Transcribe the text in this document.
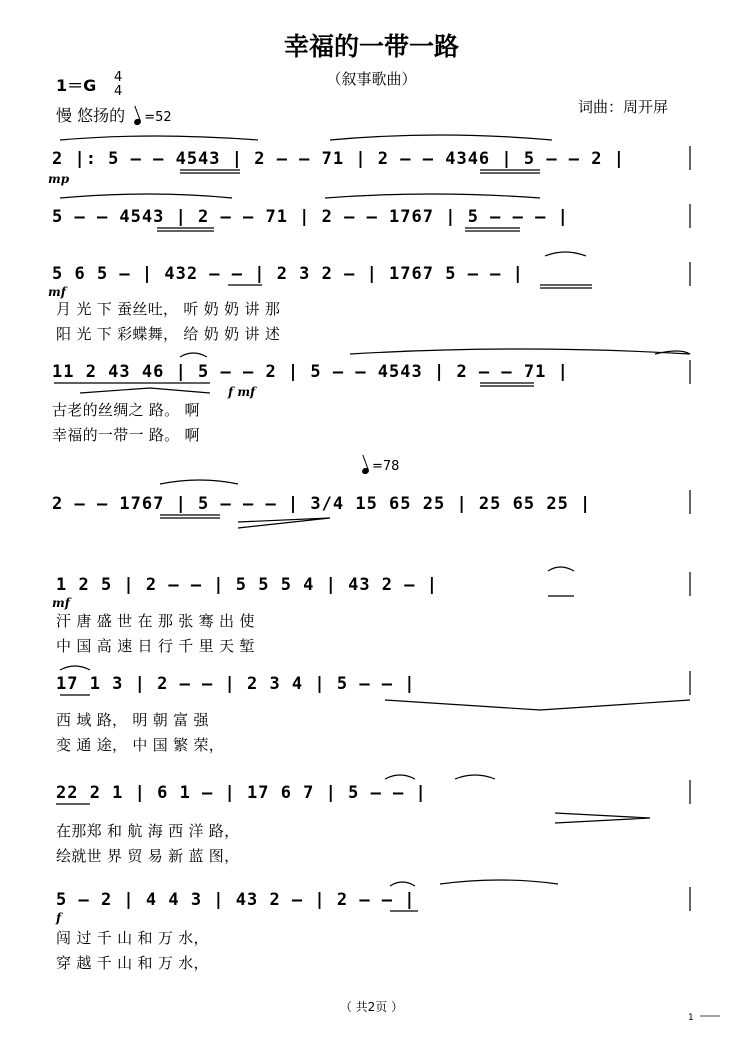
幸福的一带一路
（叙事歌曲）
1＝G 4
4
慢 悠扬的 =52
词曲：周开屏
2 |: 5 – – 4543 | 2 – – 71 | 2 – – 4346 | 5 – – 2 |
mp
5 – – 4543 | 2 – – 71 | 2 – – 1767 | 5 – – – |
5 6 5 – | 432 – – | 2 3 2 – | 1767 5 – – |
mf
月 光 下 蚕丝吐， 听 奶 奶 讲 那
阳 光 下 彩蝶舞， 给 奶 奶 讲 述
11 2 43 46 | 5 – – 2 | 5 – – 4543 | 2 – – 71 |
f mf
古老的丝绸之 路。 啊
幸福的一带一 路。 啊
=78
2 – – 1767 | 5 – – – | 3/4 15 65 25 | 25 65 25 |
1 2 5 | 2 – – | 5 5 5 4 | 43 2 – |
mf
汗 唐 盛 世 在 那 张 骞 出 使
中 国 高 速 日 行 千 里 天 堑
17 1 3 | 2 – – | 2 3 4 | 5 – – |
西 域 路， 明 朝 富 强
变 通 途， 中 国 繁 荣，
22 2 1 | 6 1 – | 17 6 7 | 5 – – |
在那郑 和 航 海 西 洋 路，
绘就世 界 贸 易 新 蓝 图，
5 – 2 | 4 4 3 | 43 2 – | 2 – – |
f
闯 过 千 山 和 万 水，
穿 越 千 山 和 万 水，
（ 共2页 ）
1
